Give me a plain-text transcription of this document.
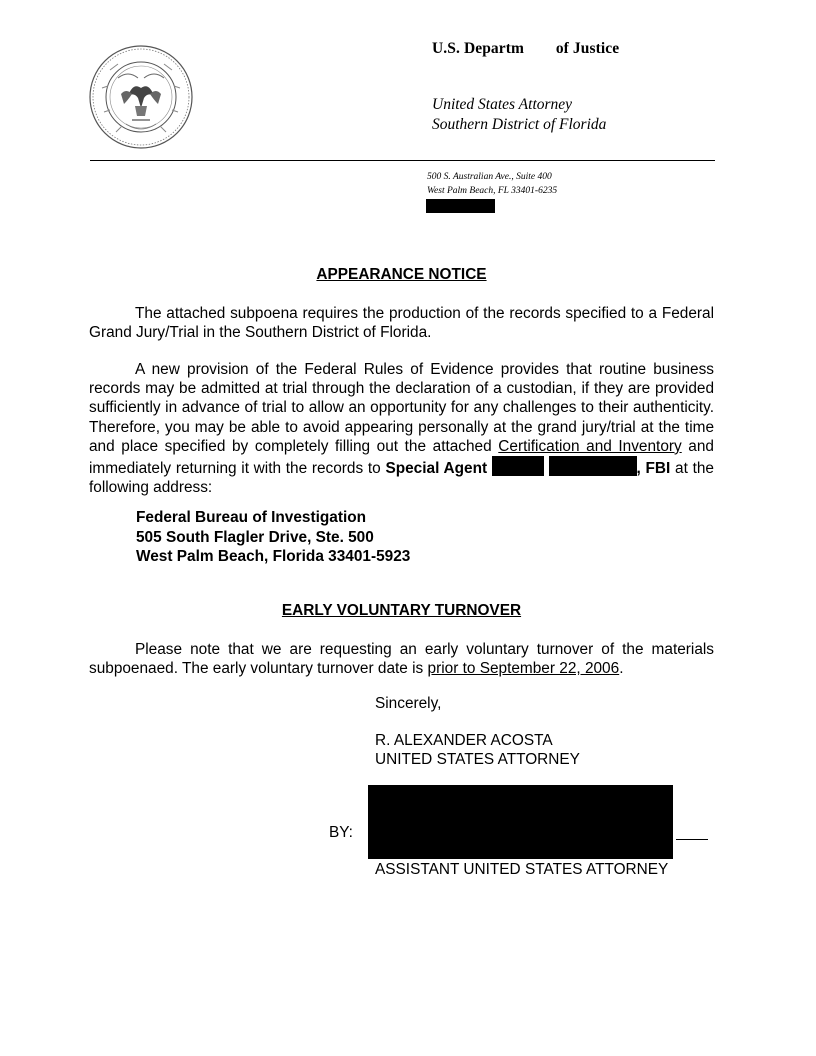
U.S. Departm        of Justice
United States Attorney
Southern District of Florida
500 S. Australian Ave., Suite 400
West Palm Beach, FL 33401-6235
APPEARANCE NOTICE
The attached subpoena requires the production of the records specified to a Federal Grand Jury/Trial in the Southern District of Florida.
A new provision of the Federal Rules of Evidence provides that routine business records may be admitted at trial through the declaration of a custodian, if they are provided sufficiently in advance of trial to allow an opportunity for any challenges to their authenticity. Therefore, you may be able to avoid appearing personally at the grand jury/trial at the time and place specified by completely filling out the attached Certification and Inventory and immediately returning it with the records to Special Agent	, FBI at the following address:
Federal Bureau of Investigation
505 South Flagler Drive, Ste. 500
West Palm Beach, Florida 33401-5923
EARLY VOLUNTARY TURNOVER
Please note that we are requesting an early voluntary turnover of the materials subpoenaed. The early voluntary turnover date is prior to September 22, 2006.
Sincerely,
R. ALEXANDER ACOSTA
UNITED STATES ATTORNEY
BY:
ASSISTANT UNITED STATES ATTORNEY
